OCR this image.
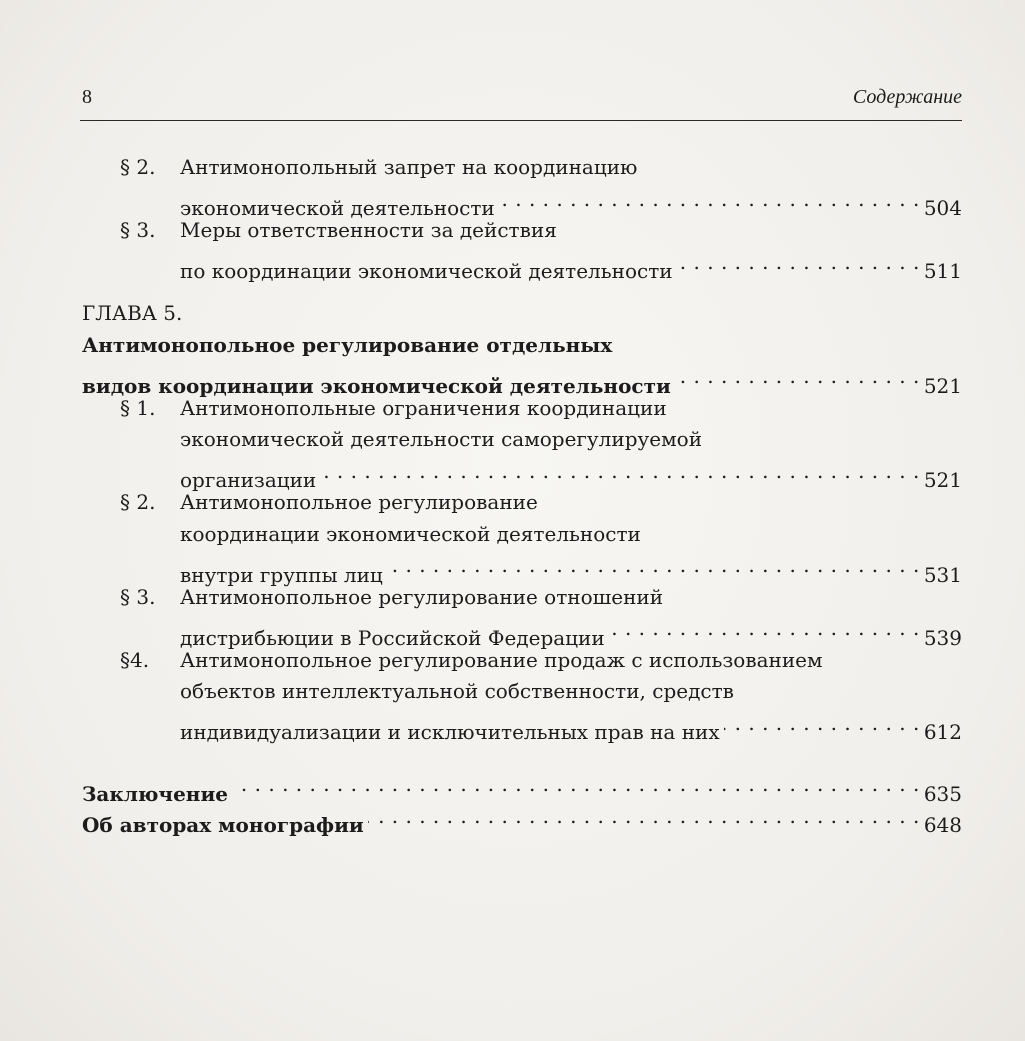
8	Содержание
§ 2. Антимонопольный запрет на координацию
экономической деятельности . . .	504
§ 3. Меры ответственности за действия
по координации экономической деятельности . . .	511
ГЛАВА 5.
Антимонопольное регулирование отдельных
видов координации экономической деятельности . . .	521
§ 1. Антимонопольные ограничения координации
экономической деятельности саморегулируемой
организации . . .	521
§ 2. Антимонопольное регулирование
координации экономической деятельности
внутри группы лиц . . .	531
§ 3. Антимонопольное регулирование отношений
дистрибьюции в Российской Федерации . . .	539
§4. Антимонопольное регулирование продаж с использованием
объектов интеллектуальной собственности, средств
индивидуализации и исключительных прав на них . . .	612
Заключение . . .	635
Об авторах монографии . . .	648
